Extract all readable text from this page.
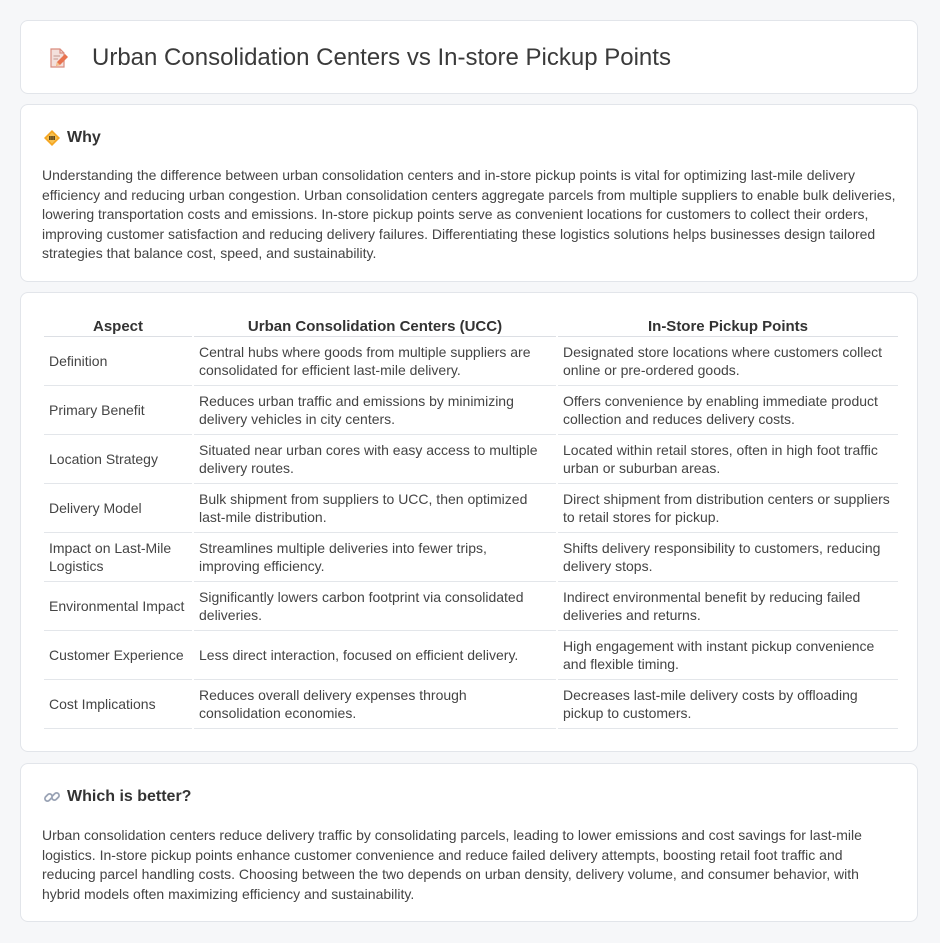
Urban Consolidation Centers vs In-store Pickup Points
Why

Understanding the difference between urban consolidation centers and in-store pickup points is vital for optimizing last-mile delivery efficiency and reducing urban congestion. Urban consolidation centers aggregate parcels from multiple suppliers to enable bulk deliveries, lowering transportation costs and emissions. In-store pickup points serve as convenient locations for customers to collect their orders, improving customer satisfaction and reducing delivery failures. Differentiating these logistics solutions helps businesses design tailored strategies that balance cost, speed, and sustainability.

Aspect	Urban Consolidation Centers (UCC)	In-Store Pickup Points
Definition	Central hubs where goods from multiple suppliers are consolidated for efficient last-mile delivery.	Designated store locations where customers collect online or pre-ordered goods.
Primary Benefit	Reduces urban traffic and emissions by minimizing delivery vehicles in city centers.	Offers convenience by enabling immediate product collection and reduces delivery costs.
Location Strategy	Situated near urban cores with easy access to multiple delivery routes.	Located within retail stores, often in high foot traffic urban or suburban areas.
Delivery Model	Bulk shipment from suppliers to UCC, then optimized last-mile distribution.	Direct shipment from distribution centers or suppliers to retail stores for pickup.
Impact on Last-Mile Logistics	Streamlines multiple deliveries into fewer trips, improving efficiency.	Shifts delivery responsibility to customers, reducing delivery stops.
Environmental Impact	Significantly lowers carbon footprint via consolidated deliveries.	Indirect environmental benefit by reducing failed deliveries and returns.
Customer Experience	Less direct interaction, focused on efficient delivery.	High engagement with instant pickup convenience and flexible timing.
Cost Implications	Reduces overall delivery expenses through consolidation economies.	Decreases last-mile delivery costs by offloading pickup to customers.
Which is better?

Urban consolidation centers reduce delivery traffic by consolidating parcels, leading to lower emissions and cost savings for last-mile logistics. In-store pickup points enhance customer convenience and reduce failed delivery attempts, boosting retail foot traffic and reducing parcel handling costs. Choosing between the two depends on urban density, delivery volume, and consumer behavior, with hybrid models often maximizing efficiency and sustainability.
